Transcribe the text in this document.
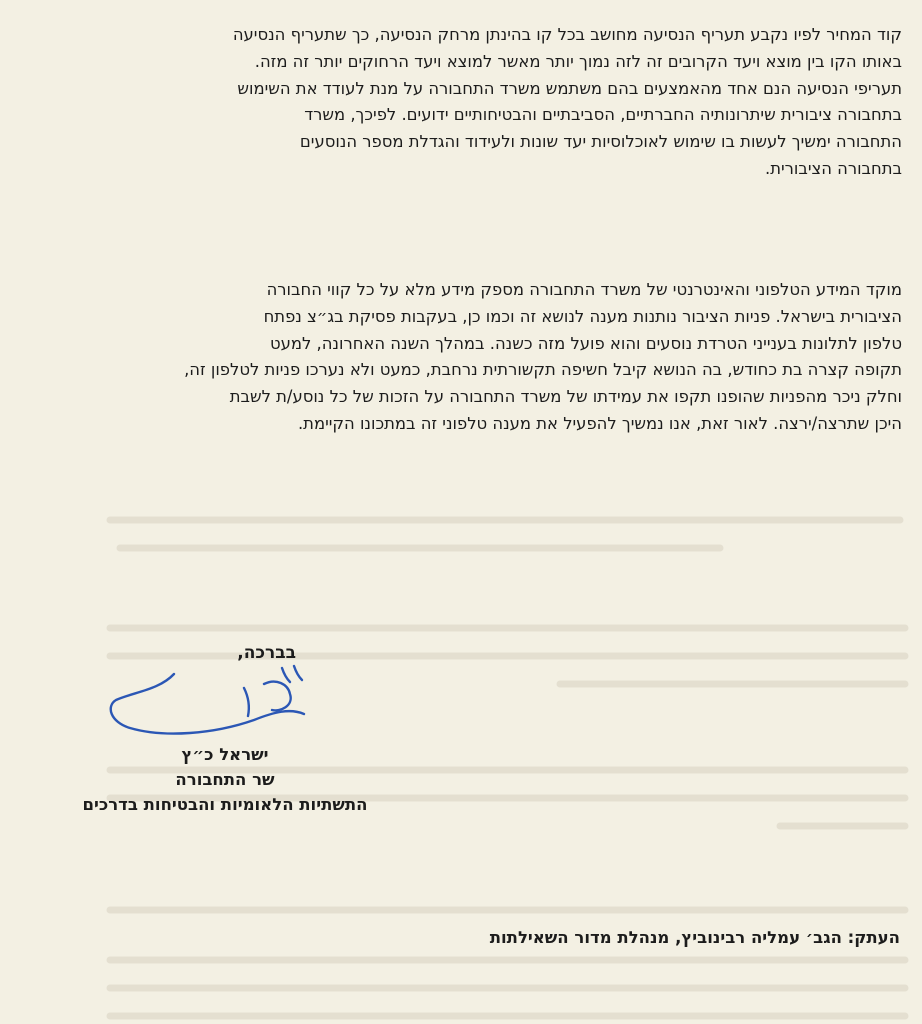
קוד המחיר לפיו נקבע תעריף הנסיעה מחושב בכל קו בהינתן מרחק הנסיעה, כך שתעריף הנסיעה
באותו הקו בין מוצא ויעד הקרובים זה לזה נמוך יותר מאשר למוצא ויעד הרחוקים יותר זה מזה.
תעריפי הנסיעה הנם אחד מהאמצעים בהם משתמש משרד התחבורה על מנת לעודד את השימוש
בתחבורה ציבורית שיתרונותיה החברתיים, הסביבתיים והבטיחותיים ידועים. לפיכך, משרד
התחבורה ימשיך לעשות בו שימוש לאוכלוסיות יעד שונות ולעידוד והגדלת מספר הנוסעים
בתחבורה הציבורית.
מוקד המידע הטלפוני והאינטרנטי של משרד התחבורה מספק מידע מלא על כל קווי החבורה
הציבורית בישראל. פניות הציבור נותנות מענה לנושא זה וכמו כן, בעקבות פסיקת בג״צ נפתח
טלפון לתלונות בענייני הטרדת נוסעים והוא פועל מזה כשנה. במהלך השנה האחרונה, למעט
תקופה קצרה בת כחודש, בה הנושא קיבל חשיפה תקשורתית נרחבת, כמעט ולא נערכו פניות לטלפון זה,
וחלק ניכר מהפניות שהופנו תקפו את עמידתו של משרד התחבורה על הזכות של כל נוסע/ת לשבת
היכן שתרצה/ירצה. לאור זאת, אנו נמשיך להפעיל את מענה טלפוני זה במתכונו הקיימת.
בברכה,
ישראל כ״ץ
שר התחבורה
התשתיות הלאומיות והבטיחות בדרכים
העתק: הגב׳ עמליה רבינוביץ, מנהלת מדור השאילתות
